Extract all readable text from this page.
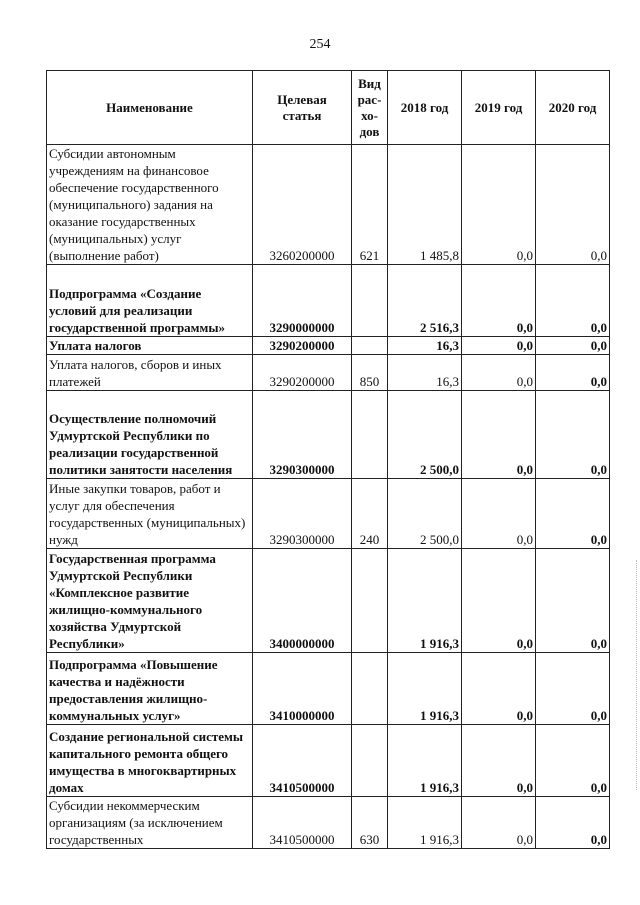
254
Наименование	Целевая статья	Вид рас- хо- дов	2018 год	2019 год	2020 год
Субсидии автономным учреждениям на финансовое обеспечение государственного (муниципального) задания на оказание государственных (муниципальных) услуг (выполнение работ)	3260200000	621	1 485,8	0,0	0,0
Подпрограмма «Создание условий для реализации государственной программы»	3290000000		2 516,3	0,0	0,0
Уплата налогов	3290200000		16,3	0,0	0,0
Уплата налогов, сборов и иных платежей	3290200000	850	16,3	0,0	0,0
Осуществление полномочий Удмуртской Республики по реализации государственной политики занятости населения	3290300000		2 500,0	0,0	0,0
Иные закупки товаров, работ и услуг для обеспечения государственных (муниципальных) нужд	3290300000	240	2 500,0	0,0	0,0
Государственная программа Удмуртской Республики «Комплексное развитие жилищно-коммунального хозяйства Удмуртской Республики»	3400000000		1 916,3	0,0	0,0
Подпрограмма «Повышение качества и надёжности предоставления жилищно-коммунальных услуг»	3410000000		1 916,3	0,0	0,0
Создание региональной системы капитального ремонта общего имущества в многоквартирных домах	3410500000		1 916,3	0,0	0,0
Субсидии некоммерческим организациям (за исключением государственных	3410500000	630	1 916,3	0,0	0,0
